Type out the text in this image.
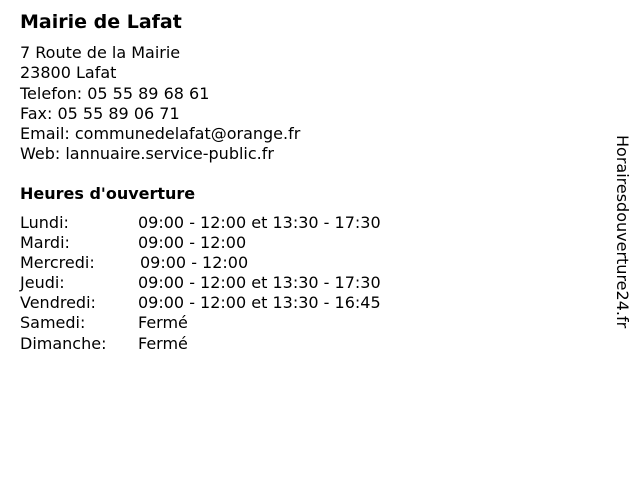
Mairie de Lafat
7 Route de la Mairie
23800 Lafat
Telefon: 05 55 89 68 61
Fax: 05 55 89 06 71
Email: communedelafat@orange.fr
Web: lannuaire.service-public.fr
Heures d'ouverture
Lundi:	09:00 - 12:00 et 13:30 - 17:30
Mardi:	09:00 - 12:00
Mercredi:	09:00 - 12:00
Jeudi:	09:00 - 12:00 et 13:30 - 17:30
Vendredi:	09:00 - 12:00 et 13:30 - 16:45
Samedi:	Fermé
Dimanche: Fermé
Horairesdouverture24.fr
